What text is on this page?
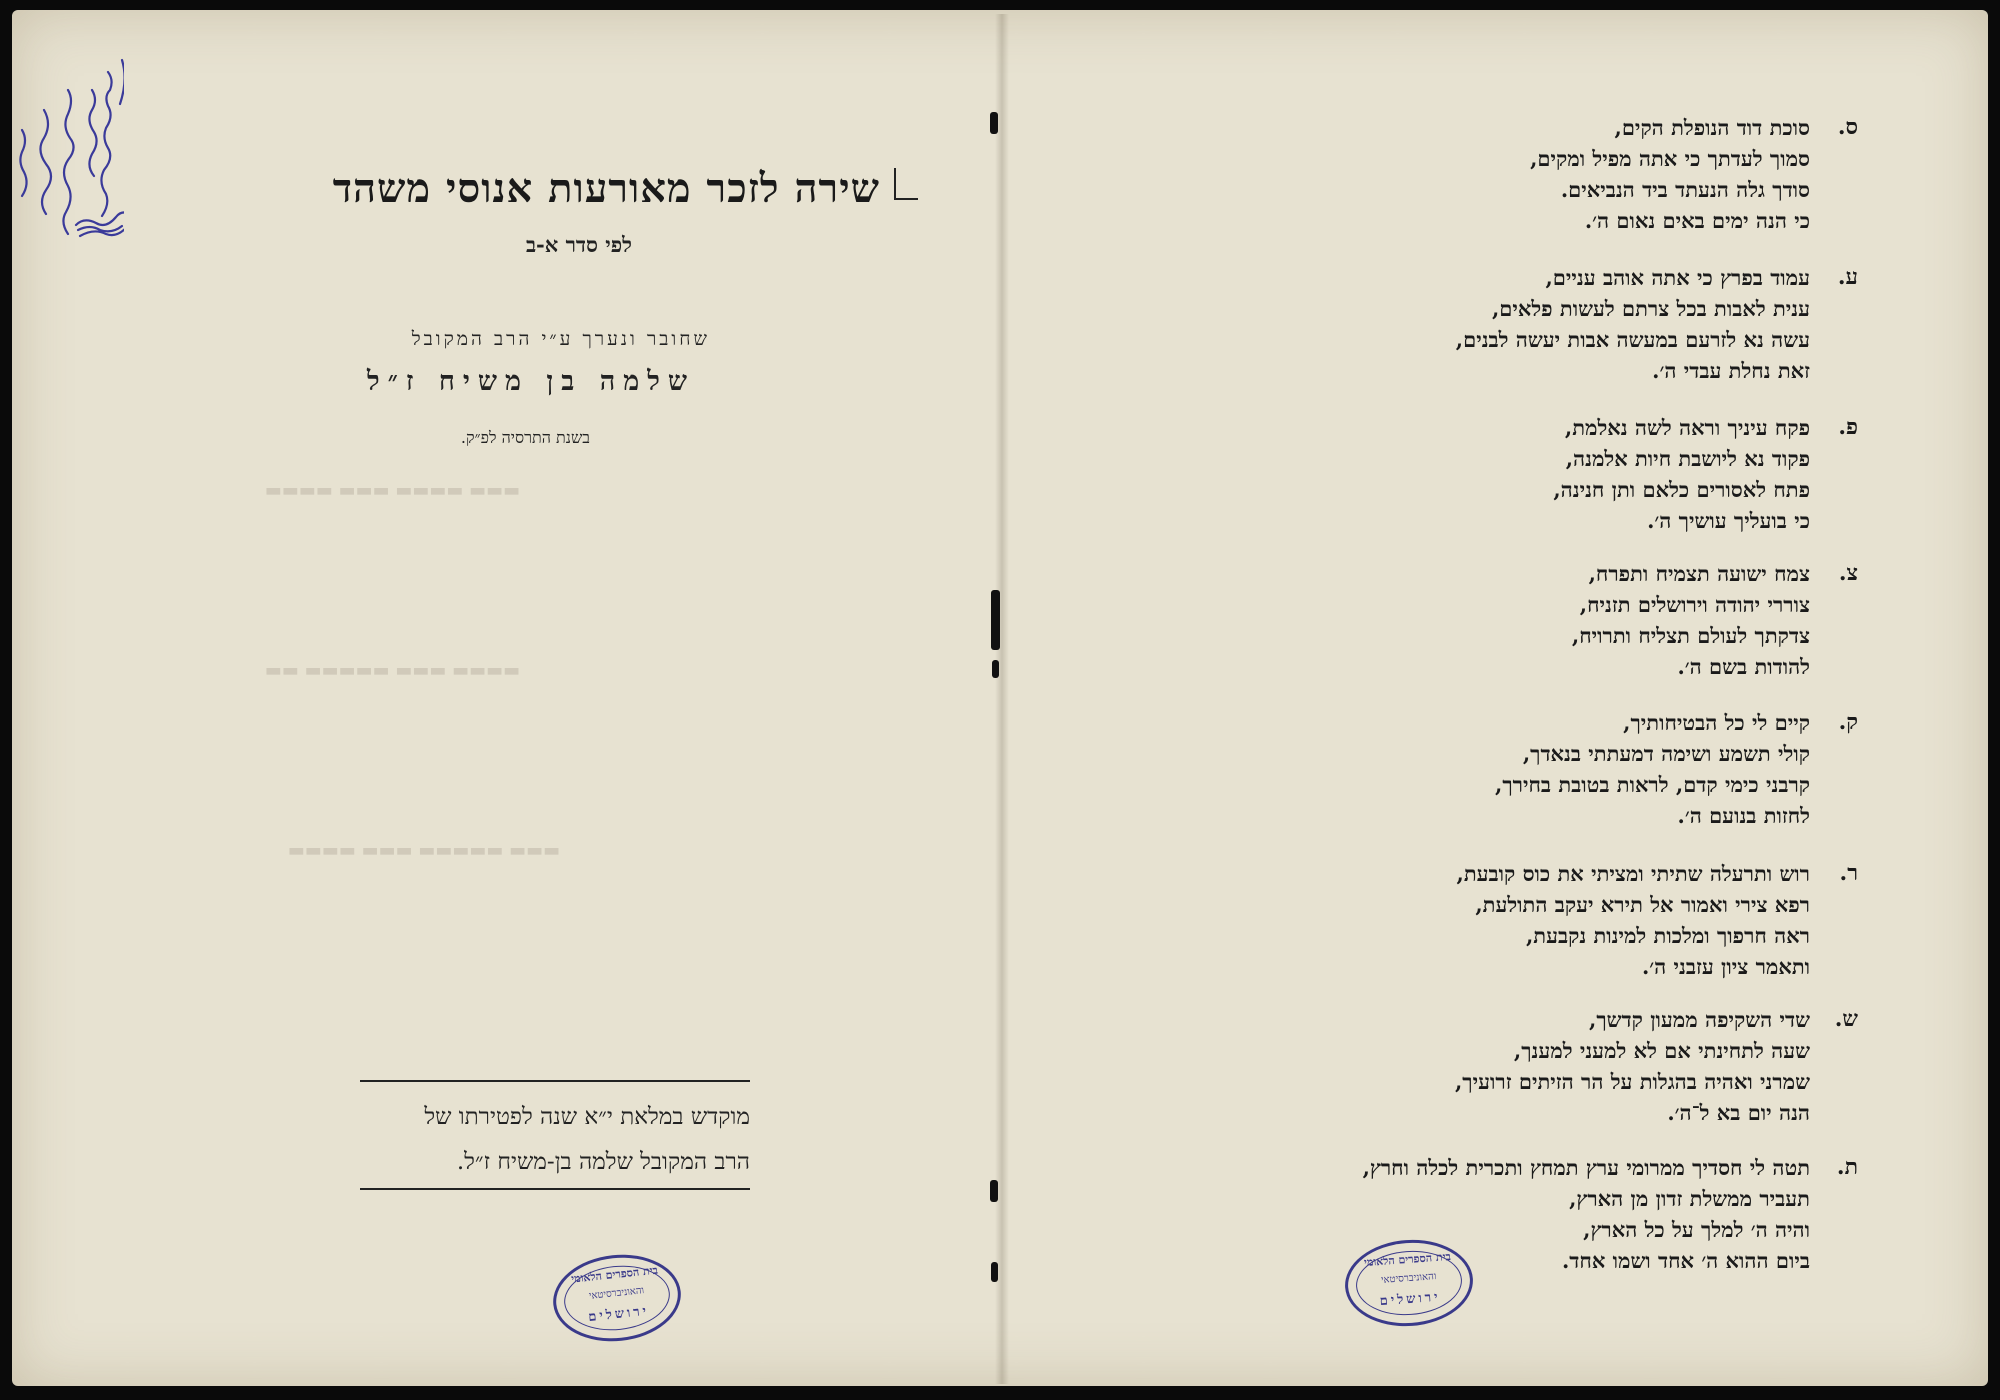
שירה לזכר מאורעות אנוסי משהד
לפי סדר א-ב
שחובר ונערך ע״י הרב המקובל
שלמה בן משיח ז״ל
בשנת התרסיה לפ״ק.
מוקדש במלאת י״א שנה לפטירתו של
הרב המקובל שלמה בן-משיח ז״ל.
▬▬▬ ▬▬▬▬ ▬▬▬ ▬▬▬▬
▬▬▬▬ ▬▬▬ ▬▬▬▬▬ ▬▬
▬▬▬ ▬▬▬▬▬ ▬▬▬ ▬▬▬▬
בית הספרים הלאומי
והאוניברסיטאי
ירושלים
ס.
סוכת דוד הנופלת הקים,
סמוך לעדתך כי אתה מפיל ומקים,
סודך גלה הנעתד ביד הנביאים.
כי הנה ימים באים נאום ה׳.
ע.
עמוד בפרץ כי אתה אוהב עניים,
ענית לאבות בכל צרתם לעשות פלאים,
עשה נא לזרעם במעשה אבות יעשה לבנים,
זאת נחלת עבדי ה׳.
פ.
פקח עיניך וראה לשה נאלמת,
פקוד נא ליושבת חיות אלמנה,
פתח לאסורים כלאם ותן חנינה,
כי בועליך עושיך ה׳.
צ.
צמח ישועה תצמיח ותפרח,
צוררי יהודה וירושלים תזניח,
צדקתך לעולם תצליח ותרויח,
להודות בשם ה׳.
ק.
קיים לי כל הבטיחותיך,
קולי תשמע ושימה דמעתתי בנאדך,
קרבני כימי קדם, לראות בטובת בחירך,
לחזות בנועם ה׳.
ר.
רוש ותרעלה שתיתי ומציתי את כוס קובעת,
רפא צירי ואמור אל תירא יעקב התולעת,
ראה חרפוך ומלכות למינות נקבעת,
ותאמר ציון עזבני ה׳.
ש.
שדי השקיפה ממעון קדשך,
שעה לתחינתי אם לא למעני למענך,
שמרני ואהיה בהגלות על הר הזיתים זרועיך,
הנה יום בא ל־ה׳.
ת.
תטה לי חסדיך ממרומי ערץ תמחץ ותכרית לכלה וחרץ,
תעביר ממשלת זדון מן הארץ,
והיה ה׳ למלך על כל הארץ,
ביום ההוא ה׳ אחד ושמו אחד.
בית הספרים הלאומי
והאוניברסיטאי
ירושלים
